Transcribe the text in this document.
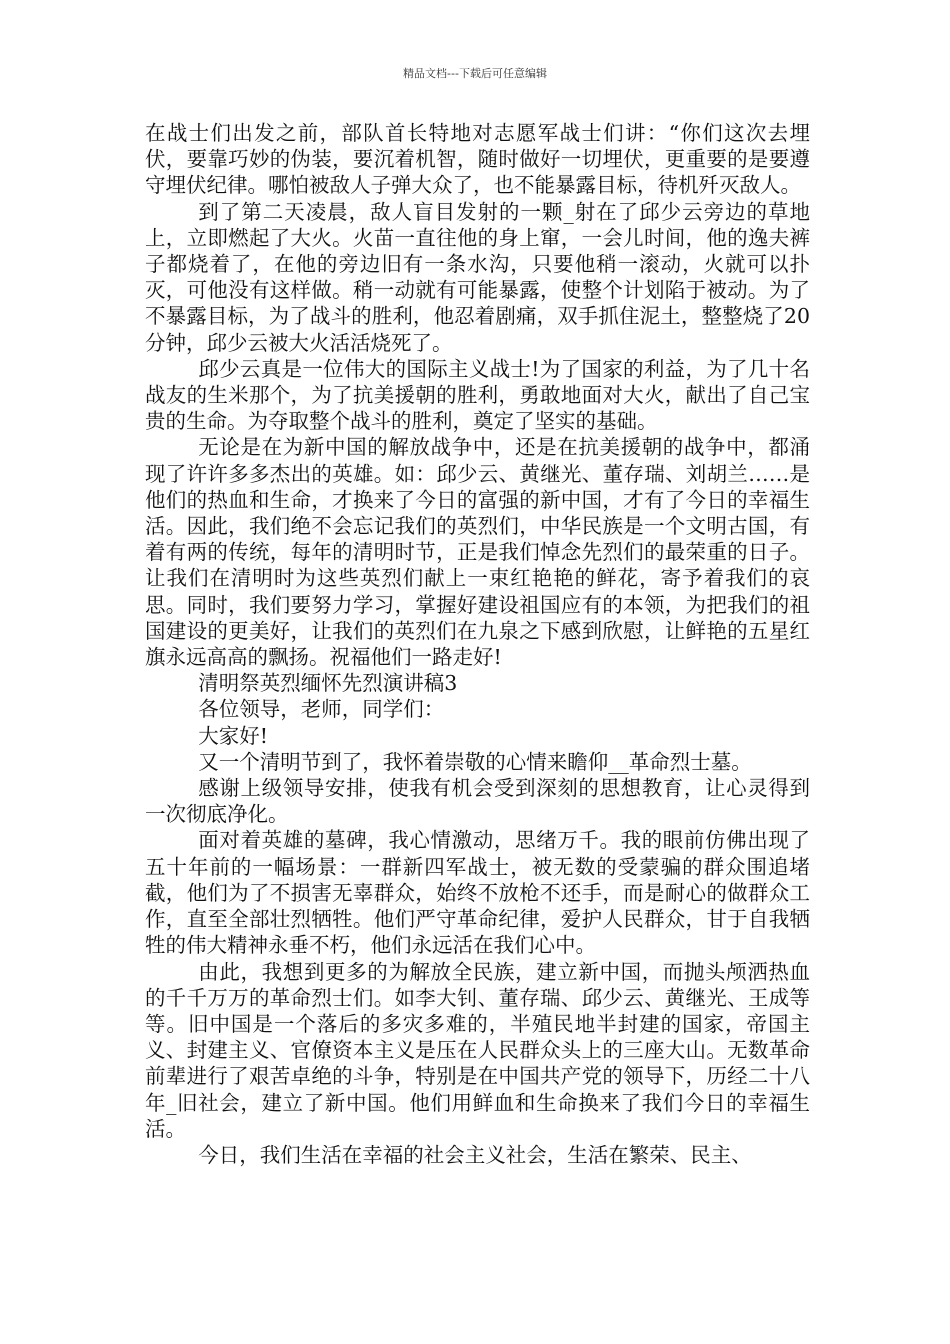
精品文档---下载后可任意编辑

在战士们出发之前，部队首长特地对志愿军战士们讲：“你们这次去埋伏，要靠巧妙的伪装，要沉着机智，随时做好一切埋伏，更重要的是要遵守埋伏纪律。哪怕被敌人子弹大众了，也不能暴露目标，待机歼灭敌人。

到了第二天凌晨，敌人盲目发射的一颗_射在了邱少云旁边的草地上，立即燃起了大火。火苗一直往他的身上窜，一会儿时间，他的逸夫裤子都烧着了，在他的旁边旧有一条水沟，只要他稍一滚动，火就可以扑灭，可他没有这样做。稍一动就有可能暴露，使整个计划陷于被动。为了不暴露目标，为了战斗的胜利，他忍着剧痛，双手抓住泥土，整整烧了20分钟，邱少云被大火活活烧死了。

邱少云真是一位伟大的国际主义战士!为了国家的利益，为了几十名战友的生米那个，为了抗美援朝的胜利，勇敢地面对大火，献出了自己宝贵的生命。为夺取整个战斗的胜利，奠定了坚实的基础。

无论是在为新中国的解放战争中，还是在抗美援朝的战争中，都涌现了许许多多杰出的英雄。如：邱少云、黄继光、董存瑞、刘胡兰……是他们的热血和生命，才换来了今日的富强的新中国，才有了今日的幸福生活。因此，我们绝不会忘记我们的英烈们，中华民族是一个文明古国，有着有两的传统，每年的清明时节，正是我们悼念先烈们的最荣重的日子。让我们在清明时为这些英烈们献上一束红艳艳的鲜花，寄予着我们的哀思。同时，我们要努力学习，掌握好建设祖国应有的本领，为把我们的祖国建设的更美好，让我们的英烈们在九泉之下感到欣慰，让鲜艳的五星红旗永远高高的飘扬。祝福他们一路走好!

清明祭英烈缅怀先烈演讲稿3

各位领导，老师，同学们：

大家好!

又一个清明节到了，我怀着崇敬的心情来瞻仰__革命烈士墓。

感谢上级领导安排，使我有机会受到深刻的思想教育，让心灵得到一次彻底净化。

面对着英雄的墓碑，我心情激动，思绪万千。我的眼前仿佛出现了五十年前的一幅场景：一群新四军战士，被无数的受蒙骗的群众围追堵截，他们为了不损害无辜群众，始终不放枪不还手，而是耐心的做群众工作，直至全部壮烈牺牲。他们严守革命纪律，爱护人民群众，甘于自我牺牲的伟大精神永垂不朽，他们永远活在我们心中。

由此，我想到更多的为解放全民族，建立新中国，而抛头颅洒热血的千千万万的革命烈士们。如李大钊、董存瑞、邱少云、黄继光、王成等等。旧中国是一个落后的多灾多难的，半殖民地半封建的国家，帝国主义、封建主义、官僚资本主义是压在人民群众头上的三座大山。无数革命前辈进行了艰苦卓绝的斗争，特别是在中国共产党的领导下，历经二十八年_旧社会，建立了新中国。他们用鲜血和生命换来了我们今日的幸福生活。

今日，我们生活在幸福的社会主义社会，生活在繁荣、民主、
